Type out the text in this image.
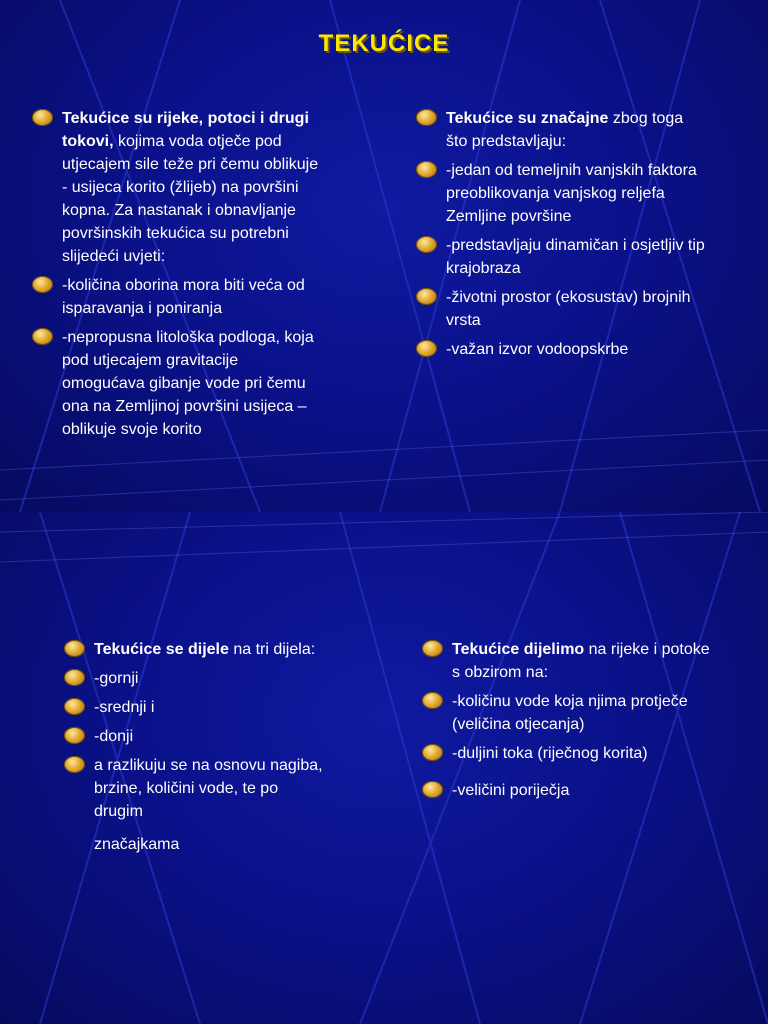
TEKUĆICE
Tekućice su rijeke, potoci i drugi tokovi, kojima voda otječe pod utjecajem sile teže pri čemu oblikuje - usijeca korito (žlijeb) na površini kopna. Za nastanak i obnavljanje površinskih tekućica su potrebni slijedeći uvjeti:
-količina oborina mora biti veća od isparavanja i poniranja
-nepropusna litološka podloga, koja pod utjecajem gravitacije omogućava gibanje vode pri čemu ona na Zemljinoj površini usijeca – oblikuje svoje korito
Tekućice su značajne zbog toga što predstavljaju:
-jedan od temeljnih vanjskih faktora preoblikovanja vanjskog reljefa Zemljine površine
-predstavljaju dinamičan i osjetljiv tip krajobraza
-životni prostor (ekosustav) brojnih vrsta
-važan izvor vodoopskrbe
Tekućice se dijele na tri dijela:
-gornji
-srednji i
-donji
a razlikuju se na osnovu nagiba, brzine, količini vode, te po drugim
značajkama
Tekućice dijelimo na rijeke i potoke s obzirom na:
-količinu vode koja njima protječe (veličina otjecanja)
-duljini toka (riječnog korita)
-veličini poriječja
